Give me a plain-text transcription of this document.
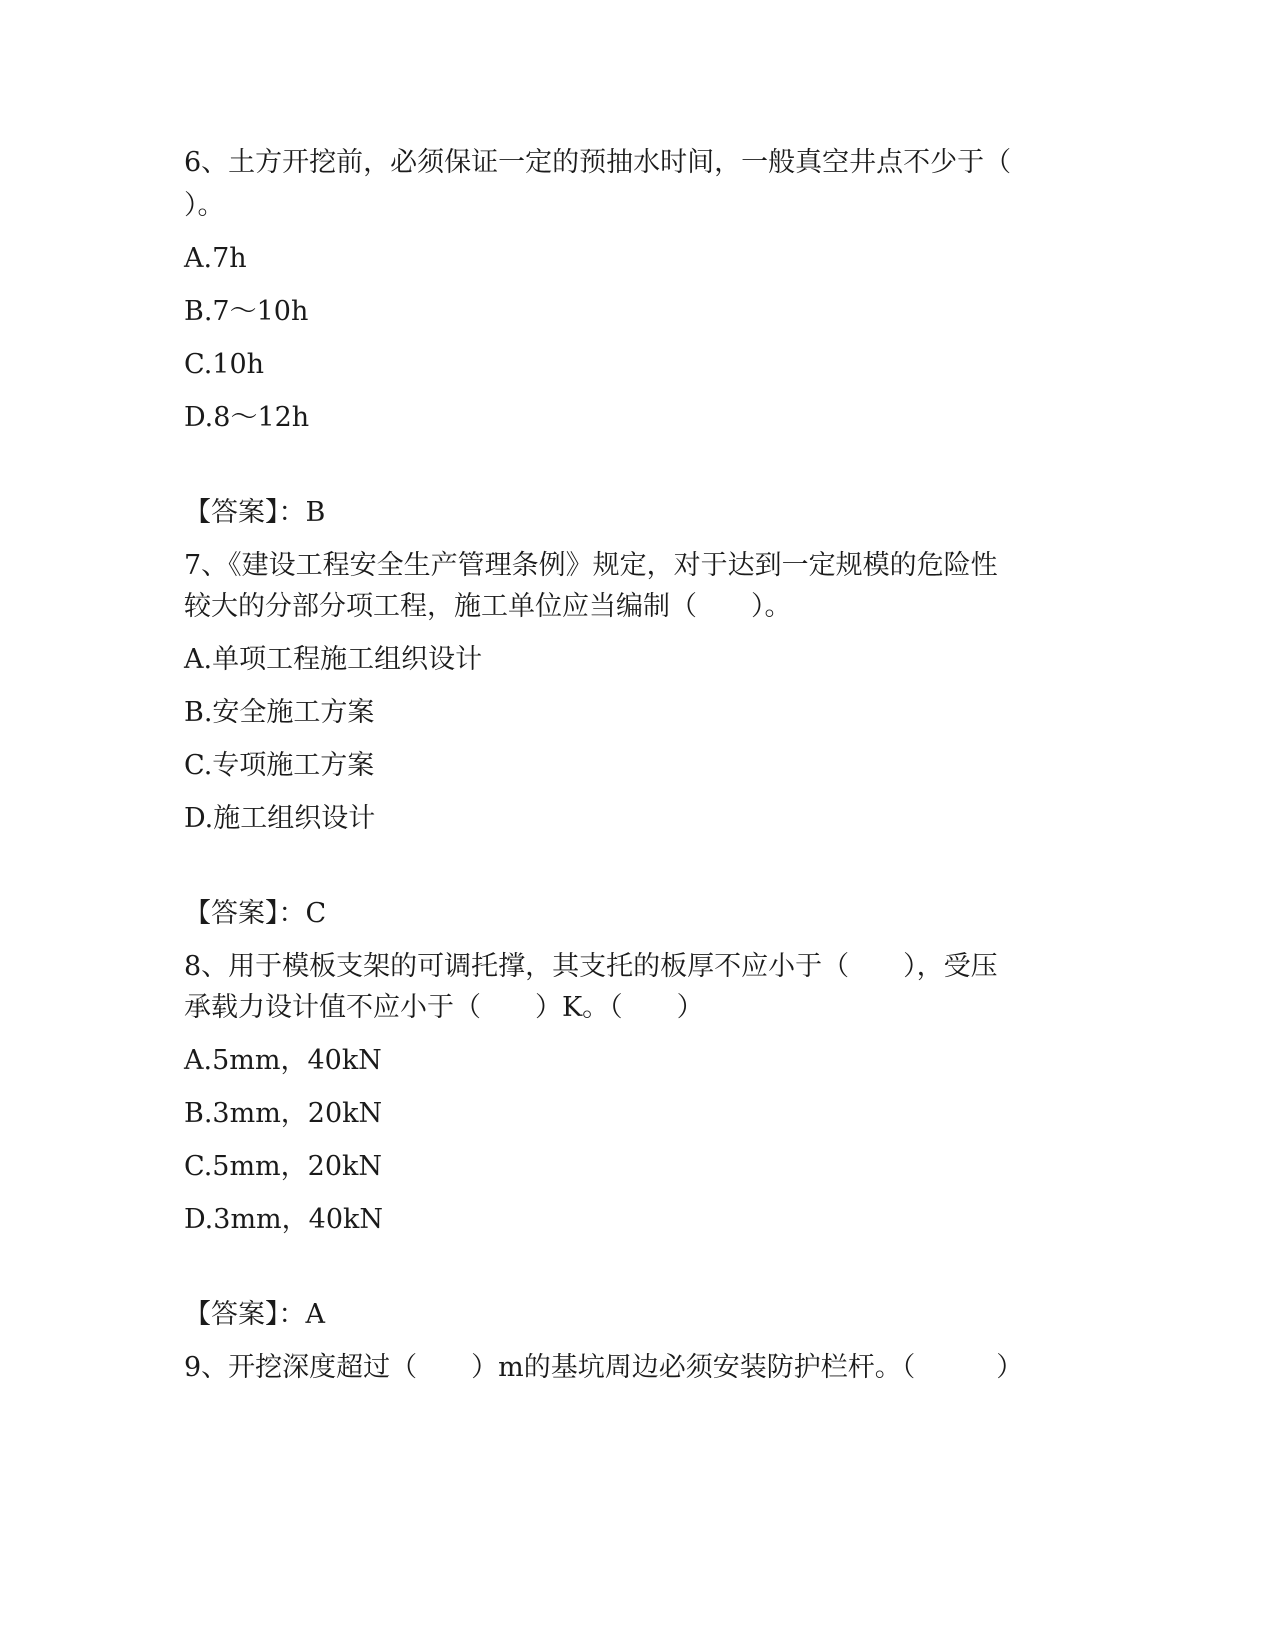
6、土方开挖前，必须保证一定的预抽水时间，一般真空井点不少于（
）。
A.7h
B.7～10h
C.10h
D.8～12h
【答案】：B
7、《建设工程安全生产管理条例》规定，对于达到一定规模的危险性
较大的分部分项工程，施工单位应当编制（　　）。
A.单项工程施工组织设计
B.安全施工方案
C.专项施工方案
D.施工组织设计
【答案】：C
8、用于模板支架的可调托撑，其支托的板厚不应小于（　　），受压
承载力设计值不应小于（　　）K。（　　）
A.5mm，40kN
B.3mm，20kN
C.5mm，20kN
D.3mm，40kN
【答案】：A
9、开挖深度超过（　　）m的基坑周边必须安装防护栏杆。（　　　）
